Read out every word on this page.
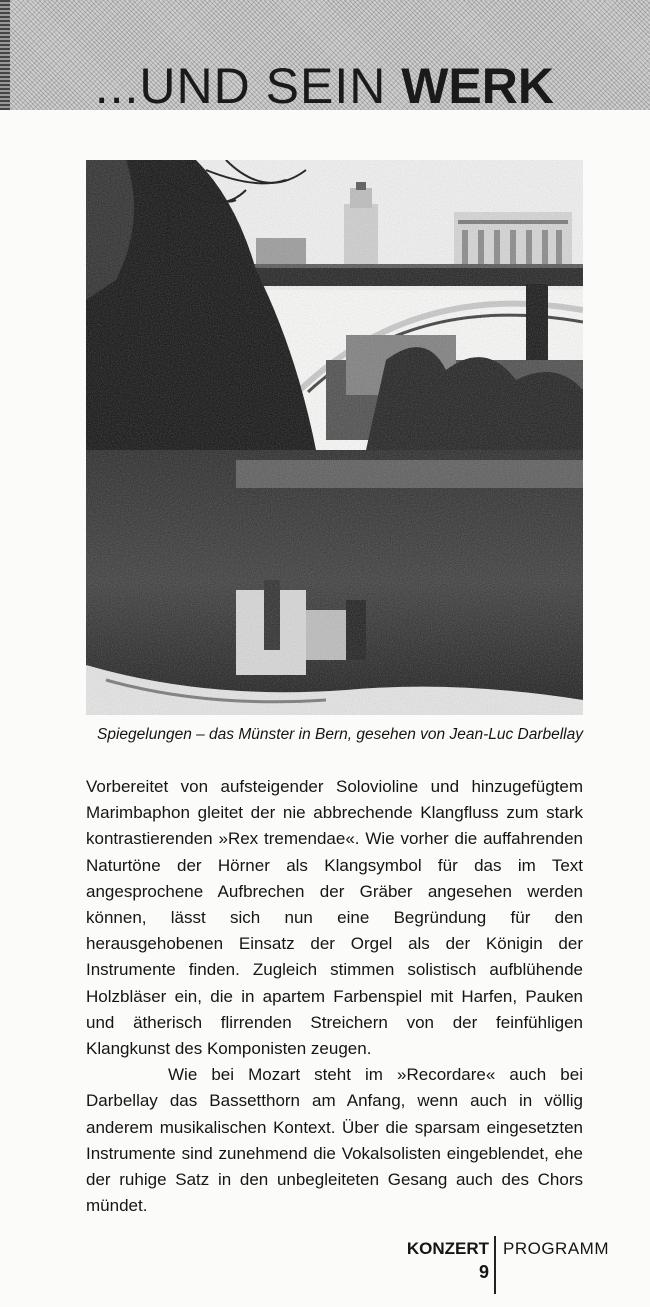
...UND SEIN WERK

Spiegelungen – das Münster in Bern, gesehen von Jean-Luc Darbellay

Vorbereitet von aufsteigender Solovioline und hinzugefügtem Marimbaphon gleitet der nie abbrechende Klangfluss zum stark kontrastierenden »Rex tremendae«. Wie vorher die auffahrenden Naturtöne der Hörner als Klangsymbol für das im Text angesprochene Aufbrechen der Gräber angesehen werden können, lässt sich nun eine Begründung für den herausgehobenen Einsatz der Orgel als der Königin der Instrumente finden. Zugleich stimmen solistisch aufblühende Holzbläser ein, die in apartem Farbenspiel mit Harfen, Pauken und ätherisch flirrenden Streichern von der feinfühligen Klangkunst des Komponisten zeugen.

Wie bei Mozart steht im »Recordare« auch bei Darbellay das Bassetthorn am Anfang, wenn auch in völlig anderem musikalischen Kontext. Über die sparsam eingesetzten Instrumente sind zunehmend die Vokalsolisten eingeblendet, ehe der ruhige Satz in den unbegleiteten Gesang auch des Chors mündet.

KONZERT
9
PROGRAMM
